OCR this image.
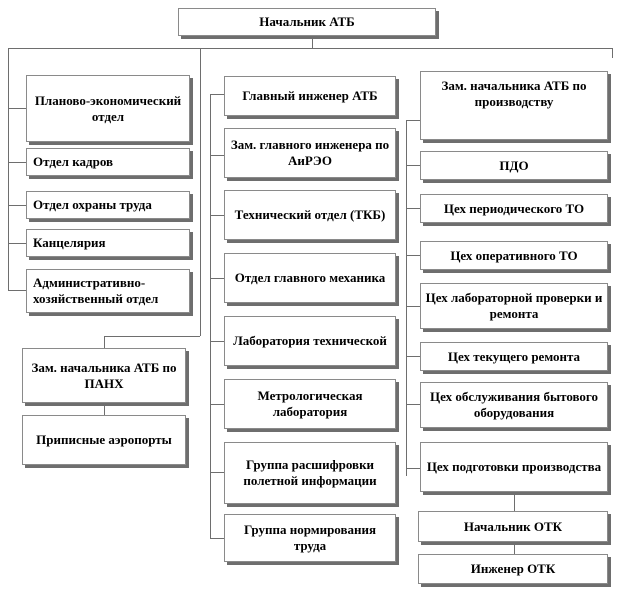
Начальник АТБ
Планово-экономический отдел
Отдел кадров
Отдел охраны труда
Канцелярия
Административно-хозяйственный отдел
Зам. начальника АТБ по ПАНХ
Приписные аэропорты
Главный инженер АТБ
Зам. главного инженера по АиРЭО
Технический отдел (ТКБ)
Отдел главного механика
Лаборатория технической
Метрологическая лаборатория
Группа расшифровки полетной информации
Группа нормирования труда
Зам. начальника АТБ по производству
ПДО
Цех периодического ТО
Цех оперативного ТО
Цех лабораторной проверки и ремонта
Цех текущего ремонта
Цех обслуживания бытового оборудования
Цех подготовки производства
Начальник ОТК
Инженер ОТК
